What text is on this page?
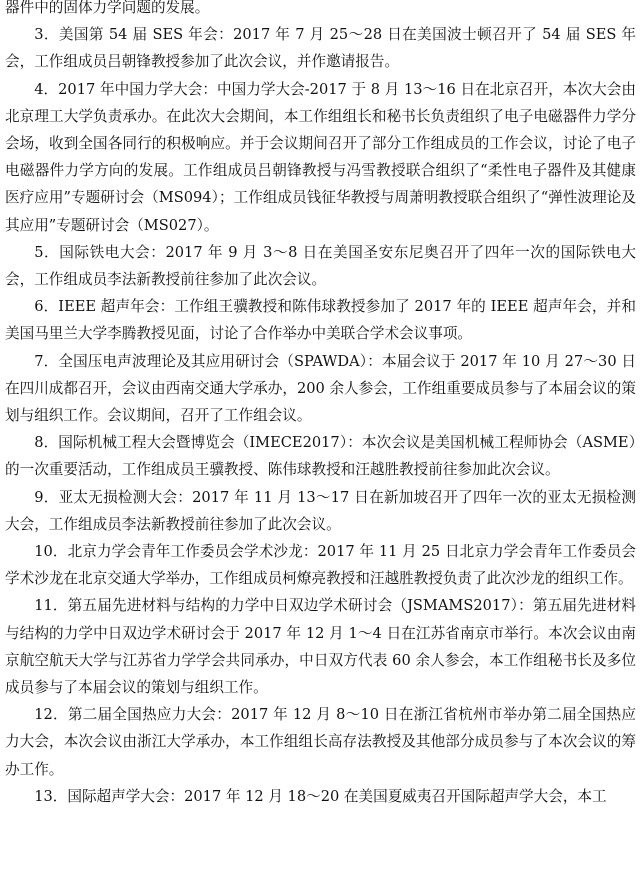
器件中的固体力学问题的发展。

3．美国第 54 届 SES 年会：2017 年 7 月 25～28 日在美国波士顿召开了 54 届 SES 年会，工作组成员吕朝锋教授参加了此次会议，并作邀请报告。

4．2017 年中国力学大会：中国力学大会-2017 于 8 月 13～16 日在北京召开，本次大会由北京理工大学负责承办。在此次大会期间，本工作组组长和秘书长负责组织了电子电磁器件力学分会场，收到全国各同行的积极响应。并于会议期间召开了部分工作组成员的工作会议，讨论了电子电磁器件力学方向的发展。工作组成员吕朝锋教授与冯雪教授联合组织了“柔性电子器件及其健康医疗应用”专题研讨会（MS094）；工作组成员钱征华教授与周萧明教授联合组织了“弹性波理论及其应用”专题研讨会（MS027）。

5．国际铁电大会：2017 年 9 月 3～8 日在美国圣安东尼奥召开了四年一次的国际铁电大会，工作组成员李法新教授前往参加了此次会议。

6．IEEE 超声年会：工作组王骥教授和陈伟球教授参加了 2017 年的 IEEE 超声年会，并和美国马里兰大学李腾教授见面，讨论了合作举办中美联合学术会议事项。

7．全国压电声波理论及其应用研讨会（SPAWDA）：本届会议于 2017 年 10 月 27～30 日在四川成都召开，会议由西南交通大学承办，200 余人参会，工作组重要成员参与了本届会议的策划与组织工作。会议期间，召开了工作组会议。

8．国际机械工程大会暨博览会（IMECE2017）：本次会议是美国机械工程师协会（ASME）的一次重要活动，工作组成员王骥教授、陈伟球教授和汪越胜教授前往参加此次会议。

9．亚太无损检测大会：2017 年 11 月 13～17 日在新加坡召开了四年一次的亚太无损检测大会，工作组成员李法新教授前往参加了此次会议。

10．北京力学会青年工作委员会学术沙龙：2017 年 11 月 25 日北京力学会青年工作委员会学术沙龙在北京交通大学举办，工作组成员柯燎亮教授和汪越胜教授负责了此次沙龙的组织工作。

11．第五届先进材料与结构的力学中日双边学术研讨会（JSMAMS2017）：第五届先进材料与结构的力学中日双边学术研讨会于 2017 年 12 月 1～4 日在江苏省南京市举行。本次会议由南京航空航天大学与江苏省力学学会共同承办，中日双方代表 60 余人参会，本工作组秘书长及多位成员参与了本届会议的策划与组织工作。

12．第二届全国热应力大会：2017 年 12 月 8～10 日在浙江省杭州市举办第二届全国热应力大会，本次会议由浙江大学承办，本工作组组长高存法教授及其他部分成员参与了本次会议的筹办工作。

13．国际超声学大会：2017 年 12 月 18～20 在美国夏威夷召开国际超声学大会，本工
